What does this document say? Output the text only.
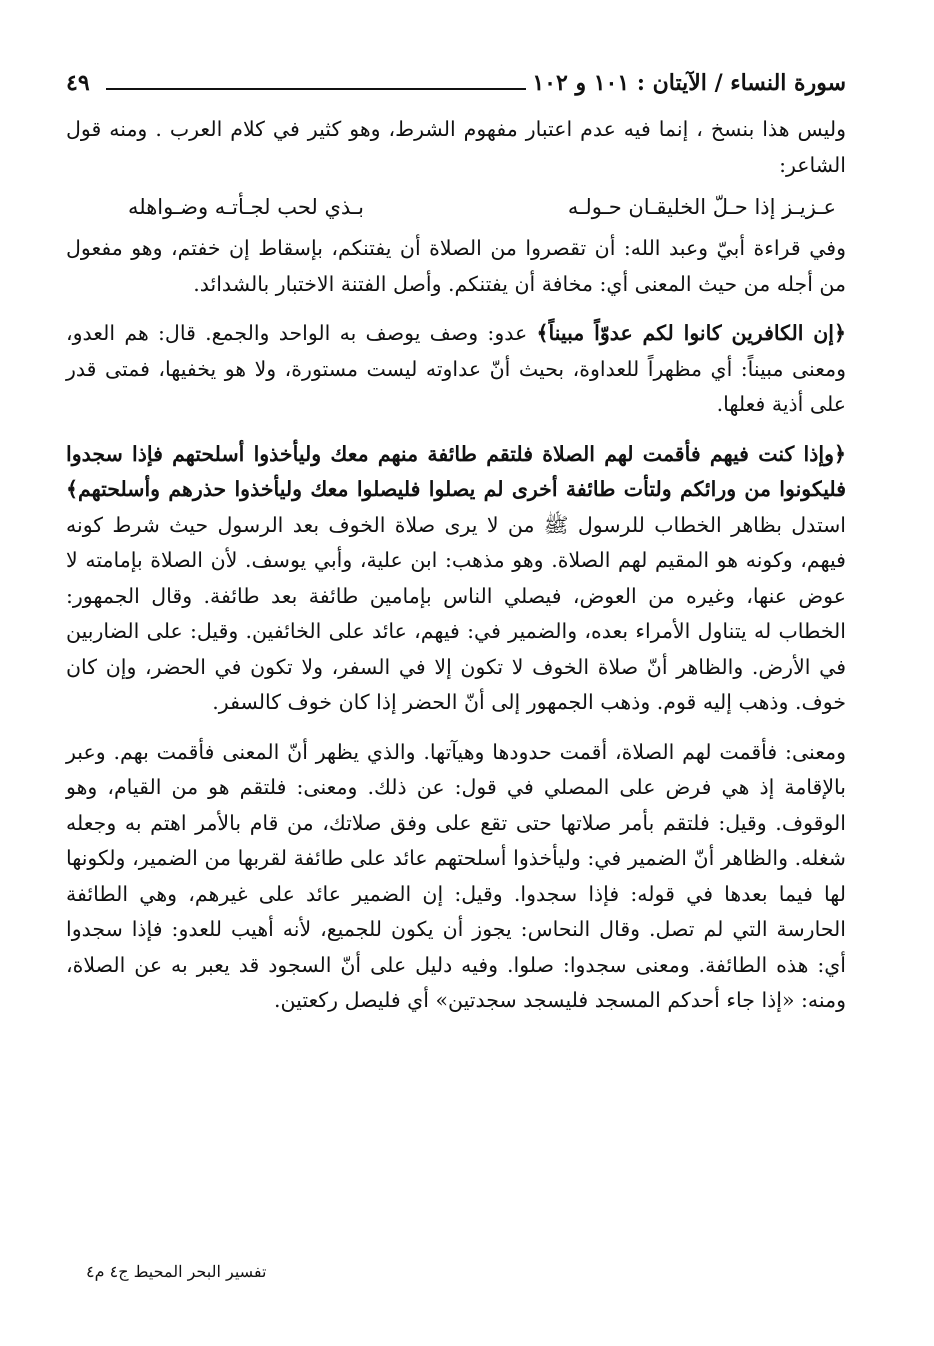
سورة النساء / الآيتان : ١٠١ و ١٠٢
٤٩

وليس هذا بنسخ ، إنما فيه عدم اعتبار مفهوم الشرط، وهو كثير في كلام العرب . ومنه قول الشاعر:

عـزيـز إذا حـلّ الخليقـان حـولـه
بـذي لحب لجـأتـه وضـواهله

وفي قراءة أبيّ وعبد الله: أن تقصروا من الصلاة أن يفتنكم، بإسقاط إن خفتم، وهو مفعول من أجله من حيث المعنى أي: مخافة أن يفتنكم. وأصل الفتنة الاختبار بالشدائد.

﴿إن الكافرين كانوا لكم عدوّاً مبيناً﴾ عدو: وصف يوصف به الواحد والجمع. قال: هم العدو، ومعنى مبيناً: أي مظهراً للعداوة، بحيث أنّ عداوته ليست مستورة، ولا هو يخفيها، فمتى قدر على أذية فعلها.

﴿وإذا كنت فيهم فأقمت لهم الصلاة فلتقم طائفة منهم معك وليأخذوا أسلحتهم فإذا سجدوا فليكونوا من ورائكم ولتأت طائفة أخرى لم يصلوا فليصلوا معك وليأخذوا حذرهم وأسلحتهم﴾ استدل بظاهر الخطاب للرسول ﷺ من لا يرى صلاة الخوف بعد الرسول حيث شرط كونه فيهم، وكونه هو المقيم لهم الصلاة. وهو مذهب: ابن علية، وأبي يوسف. لأن الصلاة بإمامته لا عوض عنها، وغيره من العوض، فيصلي الناس بإمامين طائفة بعد طائفة. وقال الجمهور: الخطاب له يتناول الأمراء بعده، والضمير في: فيهم، عائد على الخائفين. وقيل: على الضاربين في الأرض. والظاهر أنّ صلاة الخوف لا تكون إلا في السفر، ولا تكون في الحضر، وإن كان خوف. وذهب إليه قوم. وذهب الجمهور إلى أنّ الحضر إذا كان خوف كالسفر.

ومعنى: فأقمت لهم الصلاة، أقمت حدودها وهيآتها. والذي يظهر أنّ المعنى فأقمت بهم. وعبر بالإقامة إذ هي فرض على المصلي في قول: عن ذلك. ومعنى: فلتقم هو من القيام، وهو الوقوف. وقيل: فلتقم بأمر صلاتها حتى تقع على وفق صلاتك، من قام بالأمر اهتم به وجعله شغله. والظاهر أنّ الضمير في: وليأخذوا أسلحتهم عائد على طائفة لقربها من الضمير، ولكونها لها فيما بعدها في قوله: فإذا سجدوا. وقيل: إن الضمير عائد على غيرهم، وهي الطائفة الحارسة التي لم تصل. وقال النحاس: يجوز أن يكون للجميع، لأنه أهيب للعدو: فإذا سجدوا أي: هذه الطائفة. ومعنى سجدوا: صلوا. وفيه دليل على أنّ السجود قد يعبر به عن الصلاة، ومنه: «إذا جاء أحدكم المسجد فليسجد سجدتين» أي فليصل ركعتين.

تفسير البحر المحيط ج٤ م٤
